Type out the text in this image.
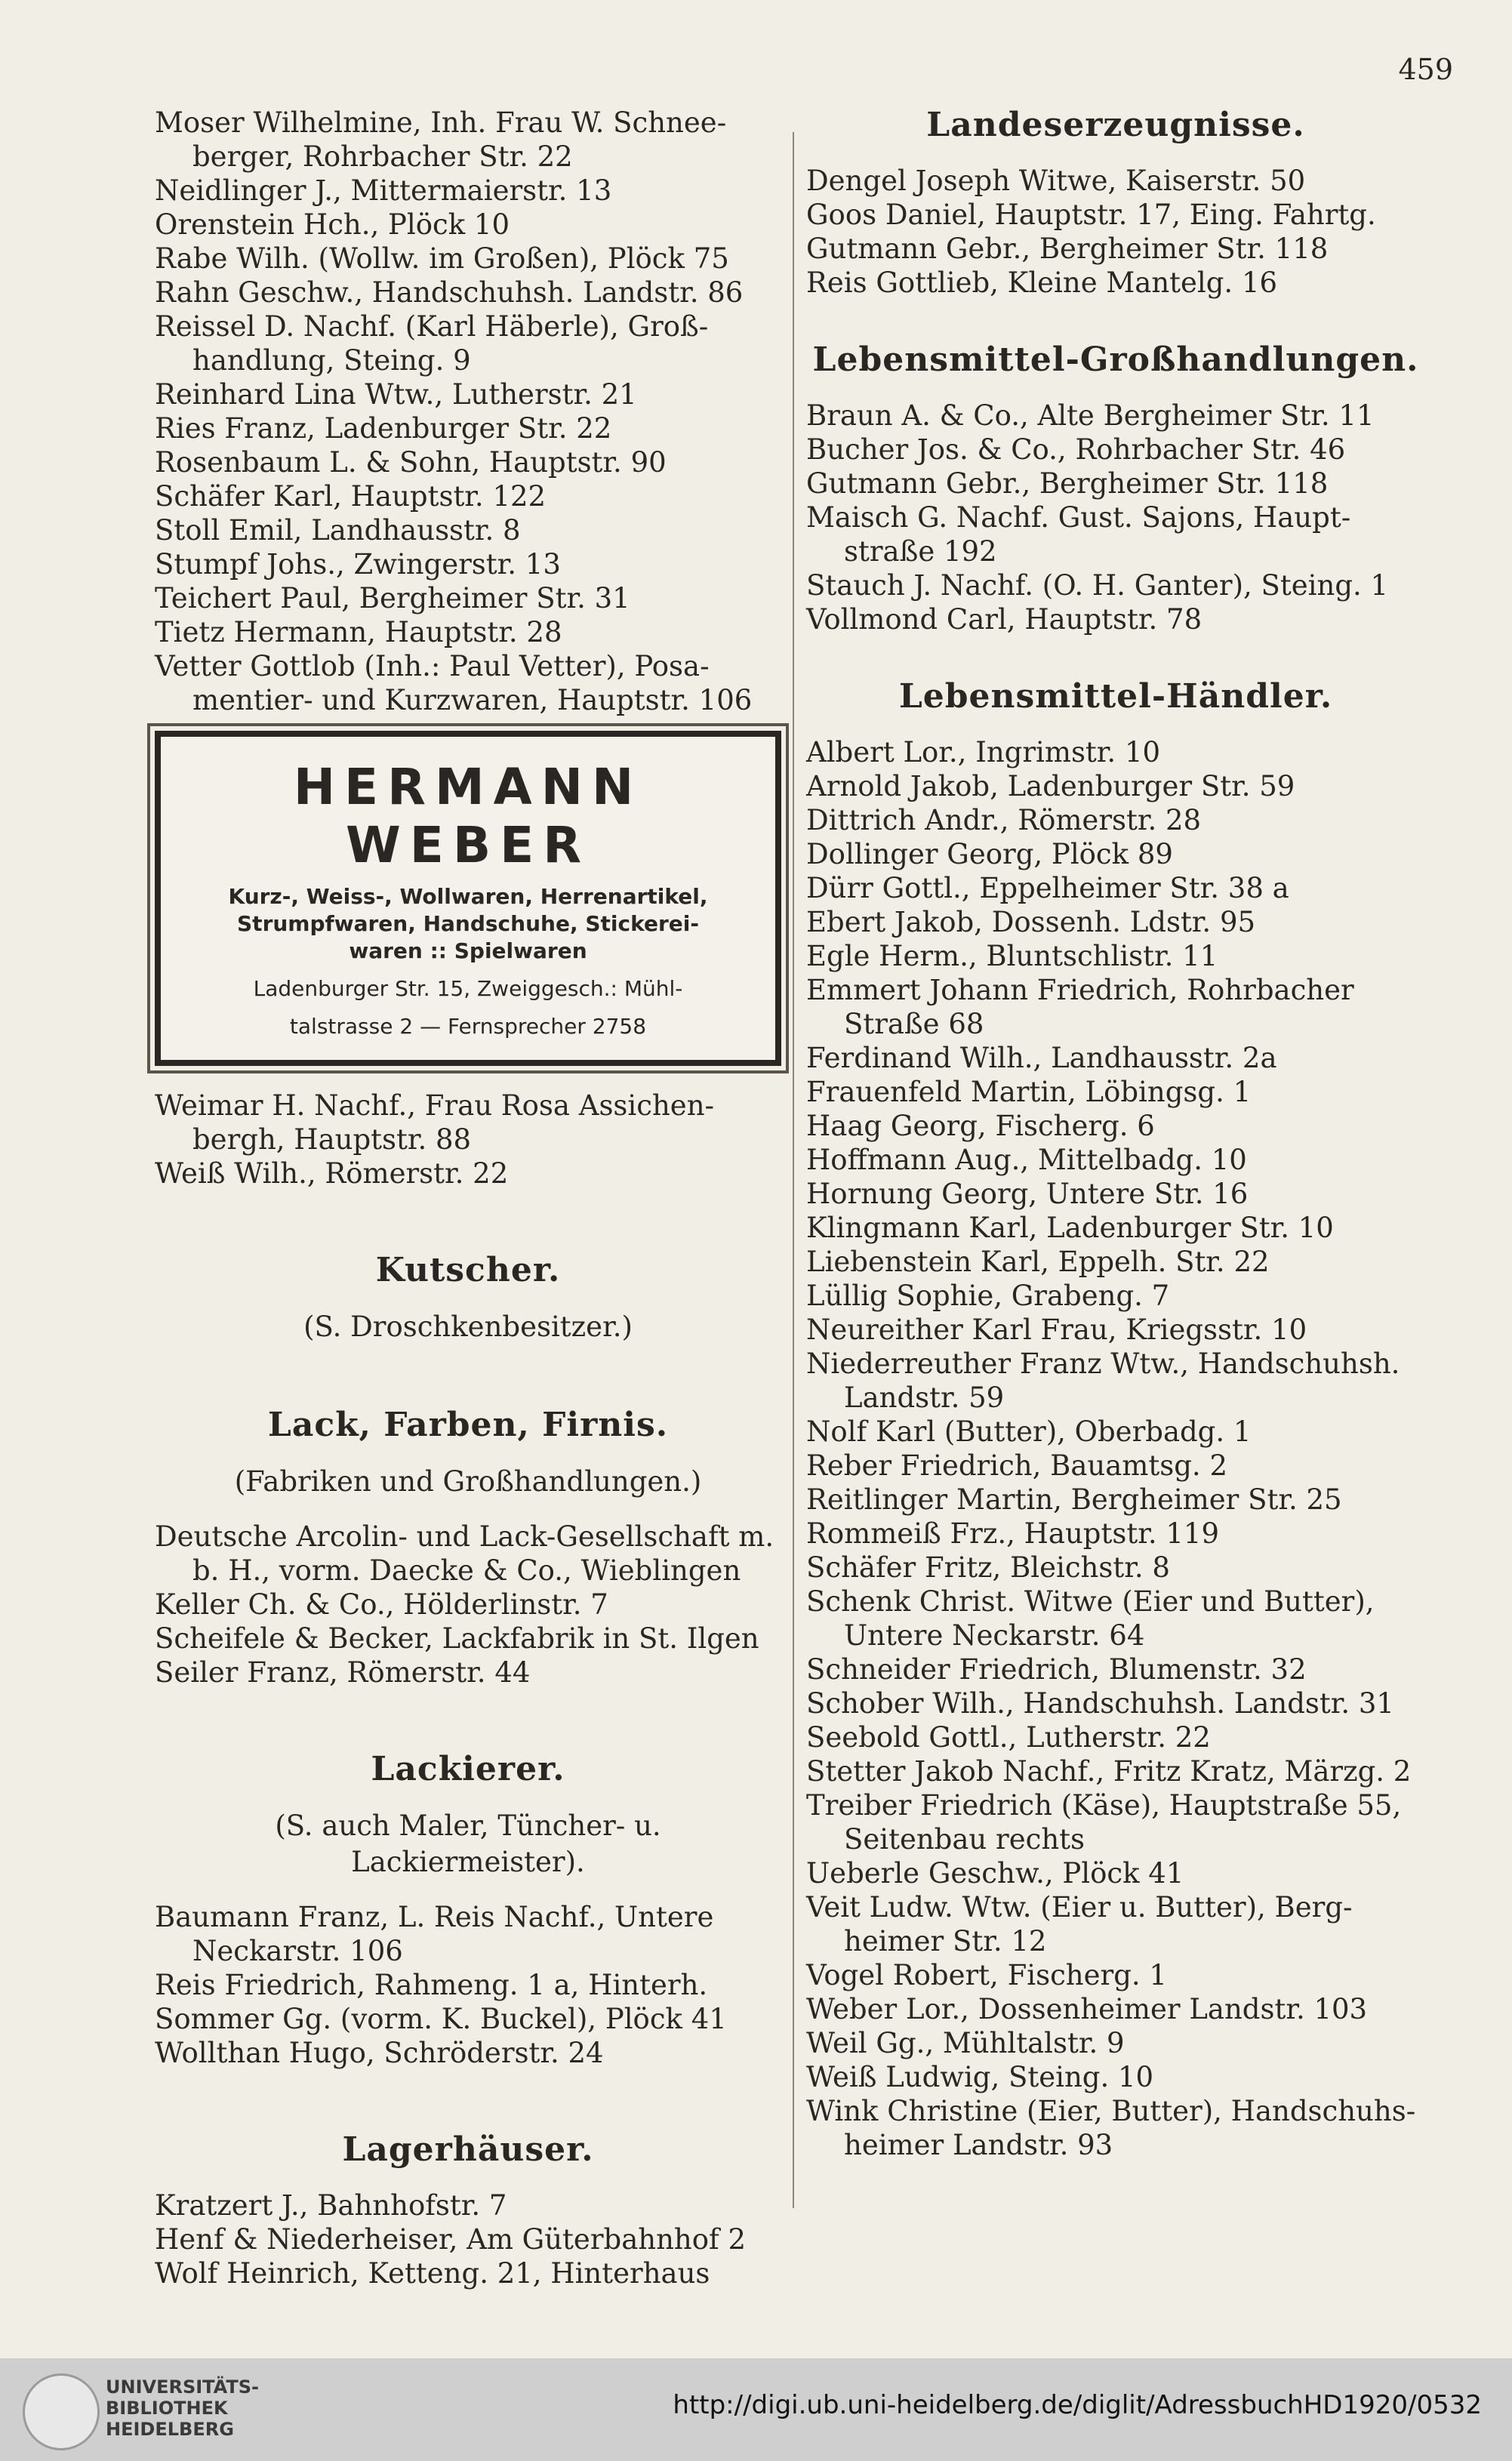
459

Moser Wilhelmine, Inh. Frau W. Schneeberger, Rohrbacher Str. 22

Neidlinger J., Mittermaierstr. 13

Orenstein Hch., Plöck 10

Rabe Wilh. (Wollw. im Großen), Plöck 75

Rahn Geschw., Handschuhsh. Landstr. 86

Reissel D. Nachf. (Karl Häberle), Großhandlung, Steing. 9

Reinhard Lina Wtw., Lutherstr. 21

Ries Franz, Ladenburger Str. 22

Rosenbaum L. & Sohn, Hauptstr. 90

Schäfer Karl, Hauptstr. 122

Stoll Emil, Landhausstr. 8

Stumpf Johs., Zwingerstr. 13

Teichert Paul, Bergheimer Str. 31

Tietz Hermann, Hauptstr. 28

Vetter Gottlob (Inh.: Paul Vetter), Posamentier- und Kurzwaren, Hauptstr. 106

HERMANN WEBER

Kurz-, Weiss-, Wollwaren, Herrenartikel,

Strumpfwaren, Handschuhe, Stickerei-

waren :: Spielwaren

Ladenburger Str. 15, Zweiggesch.: Mühl-

talstrasse 2 — Fernsprecher 2758

Weimar H. Nachf., Frau Rosa Assichenbergh, Hauptstr. 88

Weiß Wilh., Römerstr. 22

Kutscher.

(S. Droschkenbesitzer.)

Lack, Farben, Firnis.

(Fabriken und Großhandlungen.)

Deutsche Arcolin- und Lack-Gesellschaft m. b. H., vorm. Daecke & Co., Wieblingen

Keller Ch. & Co., Hölderlinstr. 7

Scheifele & Becker, Lackfabrik in St. Ilgen

Seiler Franz, Römerstr. 44

Lackierer.

(S. auch Maler, Tüncher- u. Lackiermeister).

Baumann Franz, L. Reis Nachf., Untere Neckarstr. 106

Reis Friedrich, Rahmeng. 1 a, Hinterh.

Sommer Gg. (vorm. K. Buckel), Plöck 41

Wollthan Hugo, Schröderstr. 24

Lagerhäuser.

Kratzert J., Bahnhofstr. 7

Henf & Niederheiser, Am Güterbahnhof 2

Wolf Heinrich, Ketteng. 21, Hinterhaus

Landeserzeugnisse.

Dengel Joseph Witwe, Kaiserstr. 50

Goos Daniel, Hauptstr. 17, Eing. Fahrtg.

Gutmann Gebr., Bergheimer Str. 118

Reis Gottlieb, Kleine Mantelg. 16

Lebensmittel-Großhandlungen.

Braun A. & Co., Alte Bergheimer Str. 11

Bucher Jos. & Co., Rohrbacher Str. 46

Gutmann Gebr., Bergheimer Str. 118

Maisch G. Nachf. Gust. Sajons, Hauptstraße 192

Stauch J. Nachf. (O. H. Ganter), Steing. 1

Vollmond Carl, Hauptstr. 78

Lebensmittel-Händler.

Albert Lor., Ingrimstr. 10

Arnold Jakob, Ladenburger Str. 59

Dittrich Andr., Römerstr. 28

Dollinger Georg, Plöck 89

Dürr Gottl., Eppelheimer Str. 38 a

Ebert Jakob, Dossenh. Ldstr. 95

Egle Herm., Bluntschlistr. 11

Emmert Johann Friedrich, Rohrbacher Straße 68

Ferdinand Wilh., Landhausstr. 2a

Frauenfeld Martin, Löbingsg. 1

Haag Georg, Fischerg. 6

Hoffmann Aug., Mittelbadg. 10

Hornung Georg, Untere Str. 16

Klingmann Karl, Ladenburger Str. 10

Liebenstein Karl, Eppelh. Str. 22

Lüllig Sophie, Grabeng. 7

Neureither Karl Frau, Kriegsstr. 10

Niederreuther Franz Wtw., Handschuhsh. Landstr. 59

Nolf Karl (Butter), Oberbadg. 1

Reber Friedrich, Bauamtsg. 2

Reitlinger Martin, Bergheimer Str. 25

Rommeiß Frz., Hauptstr. 119

Schäfer Fritz, Bleichstr. 8

Schenk Christ. Witwe (Eier und Butter), Untere Neckarstr. 64

Schneider Friedrich, Blumenstr. 32

Schober Wilh., Handschuhsh. Landstr. 31

Seebold Gottl., Lutherstr. 22

Stetter Jakob Nachf., Fritz Kratz, Märzg. 2

Treiber Friedrich (Käse), Hauptstraße 55, Seitenbau rechts

Ueberle Geschw., Plöck 41

Veit Ludw. Wtw. (Eier u. Butter), Bergheimer Str. 12

Vogel Robert, Fischerg. 1

Weber Lor., Dossenheimer Landstr. 103

Weil Gg., Mühltalstr. 9

Weiß Ludwig, Steing. 10

Wink Christine (Eier, Butter), Handschuhsheimer Landstr. 93

UNIVERSITÄTS-
BIBLIOTHEK
HEIDELBERG
http://digi.ub.uni-heidelberg.de/diglit/AdressbuchHD1920/0532
